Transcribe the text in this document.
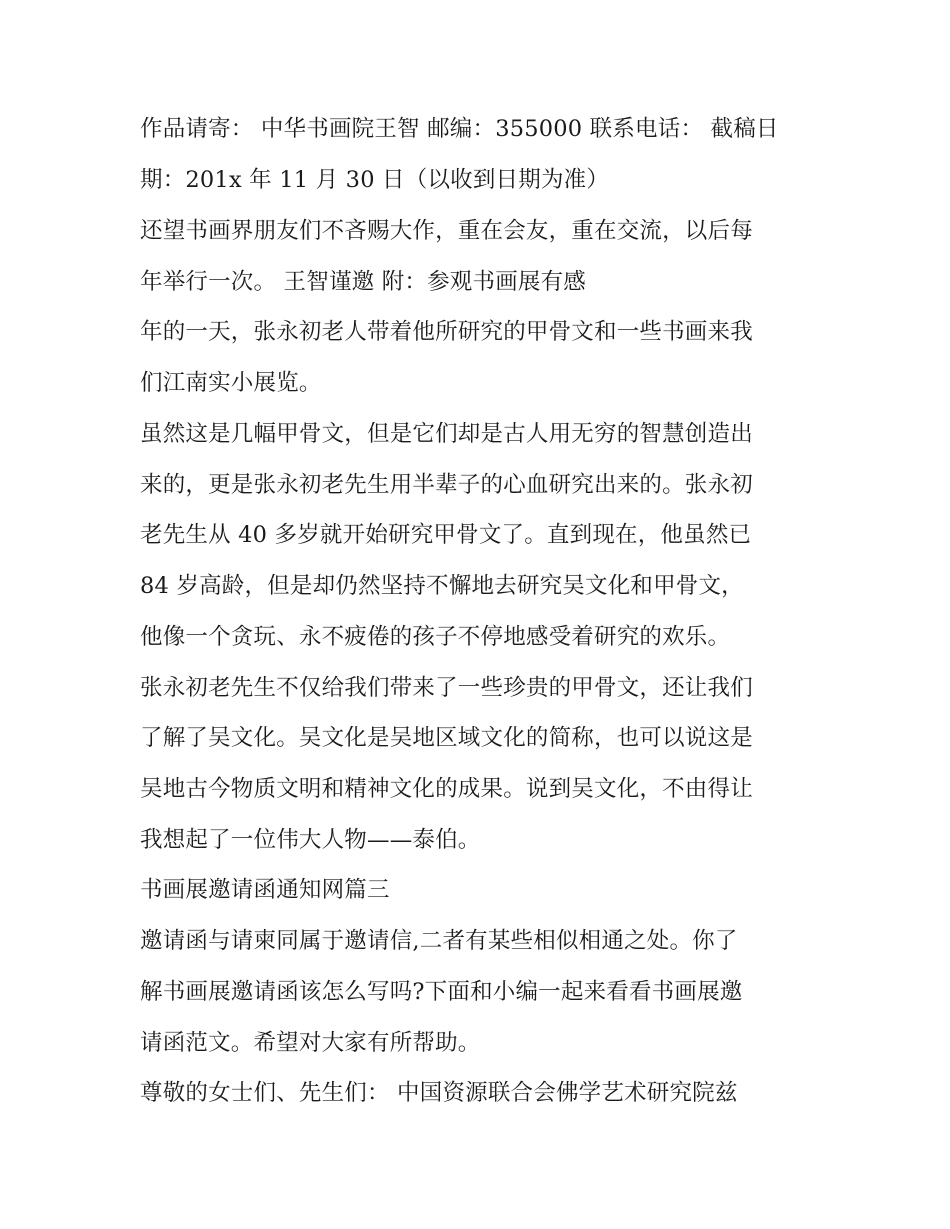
作品请寄： 中华书画院王智 邮编：355000 联系电话： 截稿日
期：201x 年 11 月 30 日（以收到日期为准）
还望书画界朋友们不吝赐大作，重在会友，重在交流，以后每
年举行一次。 王智谨邀 附：参观书画展有感
年的一天，张永初老人带着他所研究的甲骨文和一些书画来我
们江南实小展览。
虽然这是几幅甲骨文，但是它们却是古人用无穷的智慧创造出
来的，更是张永初老先生用半辈子的心血研究出来的。张永初
老先生从 40 多岁就开始研究甲骨文了。直到现在，他虽然已
84 岁高龄，但是却仍然坚持不懈地去研究吴文化和甲骨文，
他像一个贪玩、永不疲倦的孩子不停地感受着研究的欢乐。
张永初老先生不仅给我们带来了一些珍贵的甲骨文，还让我们
了解了吴文化。吴文化是吴地区域文化的简称，也可以说这是
吴地古今物质文明和精神文化的成果。说到吴文化，不由得让
我想起了一位伟大人物——泰伯。
书画展邀请函通知网篇三
邀请函与请柬同属于邀请信,二者有某些相似相通之处。你了
解书画展邀请函该怎么写吗?下面和小编一起来看看书画展邀
请函范文。希望对大家有所帮助。
尊敬的女士们、先生们： 中国资源联合会佛学艺术研究院兹
